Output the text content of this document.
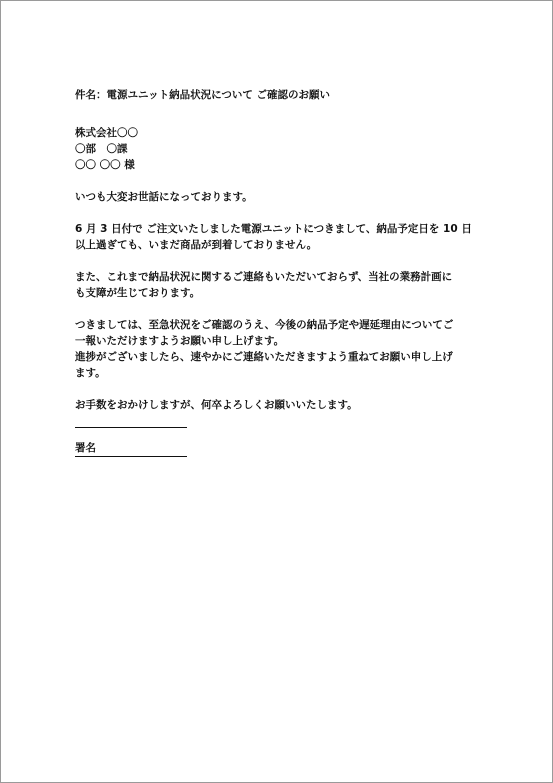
件名：電源ユニット納品状況について ご確認のお願い
株式会社〇〇
〇部　〇課
〇〇 〇〇 様
いつも大変お世話になっております。
6 月 3 日付で ご注文いたしました電源ユニットにつきまして、納品予定日を 10 日
以上過ぎても、いまだ商品が到着しておりません。
また、これまで納品状況に関するご連絡もいただいておらず、当社の業務計画に
も支障が生じております。
つきましては、至急状況をご確認のうえ、今後の納品予定や遅延理由についてご
一報いただけますようお願い申し上げます。
進捗がございましたら、速やかにご連絡いただきますよう重ねてお願い申し上げ
ます。
お手数をおかけしますが、何卒よろしくお願いいたします。
署名
